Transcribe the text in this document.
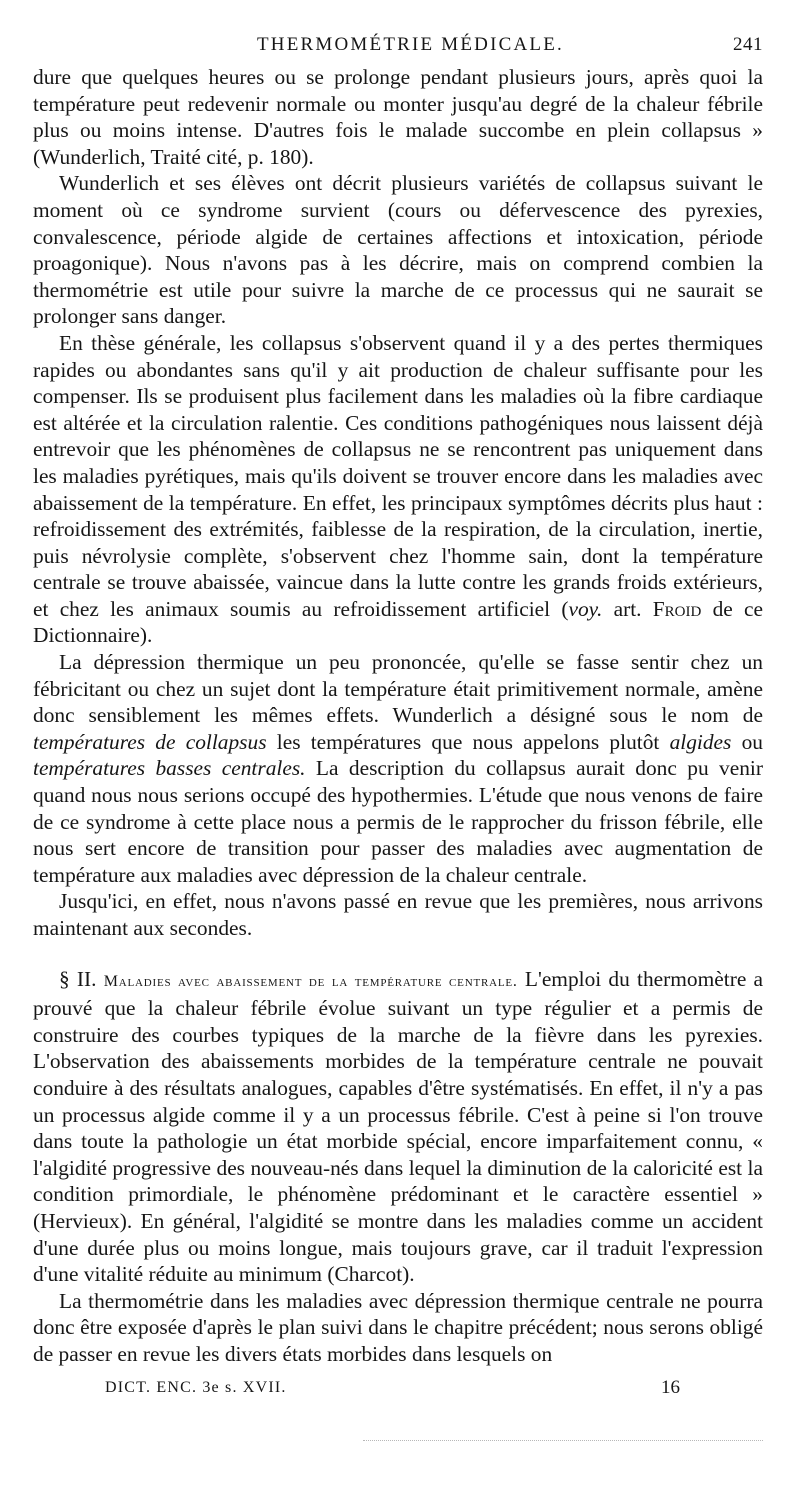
THERMOMÉTRIE MÉDICALE.	241

dure que quelques heures ou se prolonge pendant plusieurs jours, après quoi la température peut redevenir normale ou monter jusqu'au degré de la chaleur fébrile plus ou moins intense. D'autres fois le malade succombe en plein collapsus » (Wunderlich, Traité cité, p. 180).

Wunderlich et ses élèves ont décrit plusieurs variétés de collapsus suivant le moment où ce syndrome survient (cours ou défervescence des pyrexies, convalescence, période algide de certaines affections et intoxication, période proagonique). Nous n'avons pas à les décrire, mais on comprend combien la thermométrie est utile pour suivre la marche de ce processus qui ne saurait se prolonger sans danger.

En thèse générale, les collapsus s'observent quand il y a des pertes thermiques rapides ou abondantes sans qu'il y ait production de chaleur suffisante pour les compenser. Ils se produisent plus facilement dans les maladies où la fibre cardiaque est altérée et la circulation ralentie. Ces conditions pathogéniques nous laissent déjà entrevoir que les phénomènes de collapsus ne se rencontrent pas uniquement dans les maladies pyrétiques, mais qu'ils doivent se trouver encore dans les maladies avec abaissement de la température. En effet, les principaux symptômes décrits plus haut : refroidissement des extrémités, faiblesse de la respiration, de la circulation, inertie, puis névrolysie complète, s'observent chez l'homme sain, dont la température centrale se trouve abaissée, vaincue dans la lutte contre les grands froids extérieurs, et chez les animaux soumis au refroidissement artificiel (voy. art. Froid de ce Dictionnaire).

La dépression thermique un peu prononcée, qu'elle se fasse sentir chez un fébricitant ou chez un sujet dont la température était primitivement normale, amène donc sensiblement les mêmes effets. Wunderlich a désigné sous le nom de températures de collapsus les températures que nous appelons plutôt algides ou températures basses centrales. La description du collapsus aurait donc pu venir quand nous nous serions occupé des hypothermies. L'étude que nous venons de faire de ce syndrome à cette place nous a permis de le rapprocher du frisson fébrile, elle nous sert encore de transition pour passer des maladies avec augmentation de température aux maladies avec dépression de la chaleur centrale.

Jusqu'ici, en effet, nous n'avons passé en revue que les premières, nous arrivons maintenant aux secondes.

§ II. Maladies avec abaissement de la température centrale. L'emploi du thermomètre a prouvé que la chaleur fébrile évolue suivant un type régulier et a permis de construire des courbes typiques de la marche de la fièvre dans les pyrexies. L'observation des abaissements morbides de la température centrale ne pouvait conduire à des résultats analogues, capables d'être systématisés. En effet, il n'y a pas un processus algide comme il y a un processus fébrile. C'est à peine si l'on trouve dans toute la pathologie un état morbide spécial, encore imparfaitement connu, « l'algidité progressive des nouveau-nés dans lequel la diminution de la caloricité est la condition primordiale, le phénomène prédominant et le caractère essentiel » (Hervieux). En général, l'algidité se montre dans les maladies comme un accident d'une durée plus ou moins longue, mais toujours grave, car il traduit l'expression d'une vitalité réduite au minimum (Charcot).

La thermométrie dans les maladies avec dépression thermique centrale ne pourra donc être exposée d'après le plan suivi dans le chapitre précédent; nous serons obligé de passer en revue les divers états morbides dans lesquels on

DICT. ENC. 3e s. XVII.	16
